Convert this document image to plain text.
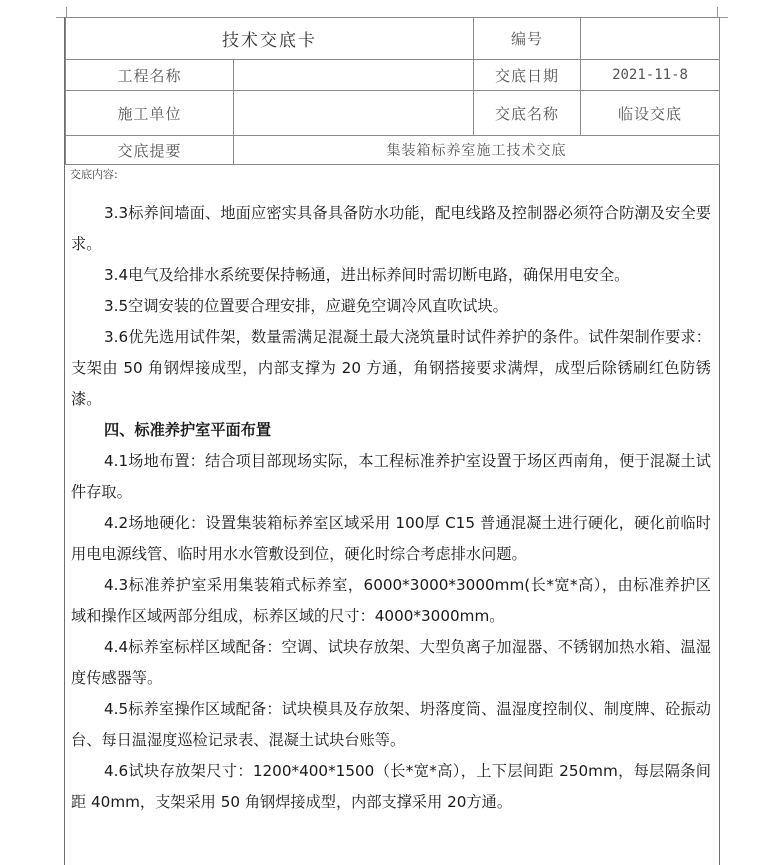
技术交底卡		编号	
工程名称		交底日期	2021-11-8
施工单位		交底名称	临设交底
交底提要	集装箱标养室施工技术交底		
交底内容:

3.3标养间墙面、地面应密实具备具备防水功能，配电线路及控制器必须符合防潮及安全要求。

3.4电气及给排水系统要保持畅通，进出标养间时需切断电路，确保用电安全。

3.5空调安装的位置要合理安排，应避免空调冷风直吹试块。

3.6优先选用试件架，数量需满足混凝土最大浇筑量时试件养护的条件。试件架制作要求：支架由 50 角钢焊接成型，内部支撑为 20 方通，角钢搭接要求满焊，成型后除锈刷红色防锈漆。

四、标准养护室平面布置

4.1场地布置：结合项目部现场实际，本工程标准养护室设置于场区西南角，便于混凝土试件存取。

4.2场地硬化：设置集装箱标养室区域采用 100厚 C15 普通混凝土进行硬化，硬化前临时用电电源线管、临时用水水管敷设到位，硬化时综合考虑排水问题。

4.3标准养护室采用集装箱式标养室，6000*3000*3000mm(长*宽*高），由标准养护区域和操作区域两部分组成，标养区域的尺寸：4000*3000mm。

4.4标养室标样区域配备：空调、试块存放架、大型负离子加湿器、不锈钢加热水箱、温湿度传感器等。

4.5标养室操作区域配备：试块模具及存放架、坍落度筒、温湿度控制仪、制度牌、砼振动台、每日温湿度巡检记录表、混凝土试块台账等。

4.6试块存放架尺寸：1200*400*1500（长*宽*高），上下层间距 250mm，每层隔条间距 40mm，支架采用 50 角钢焊接成型，内部支撑采用 20方通。
